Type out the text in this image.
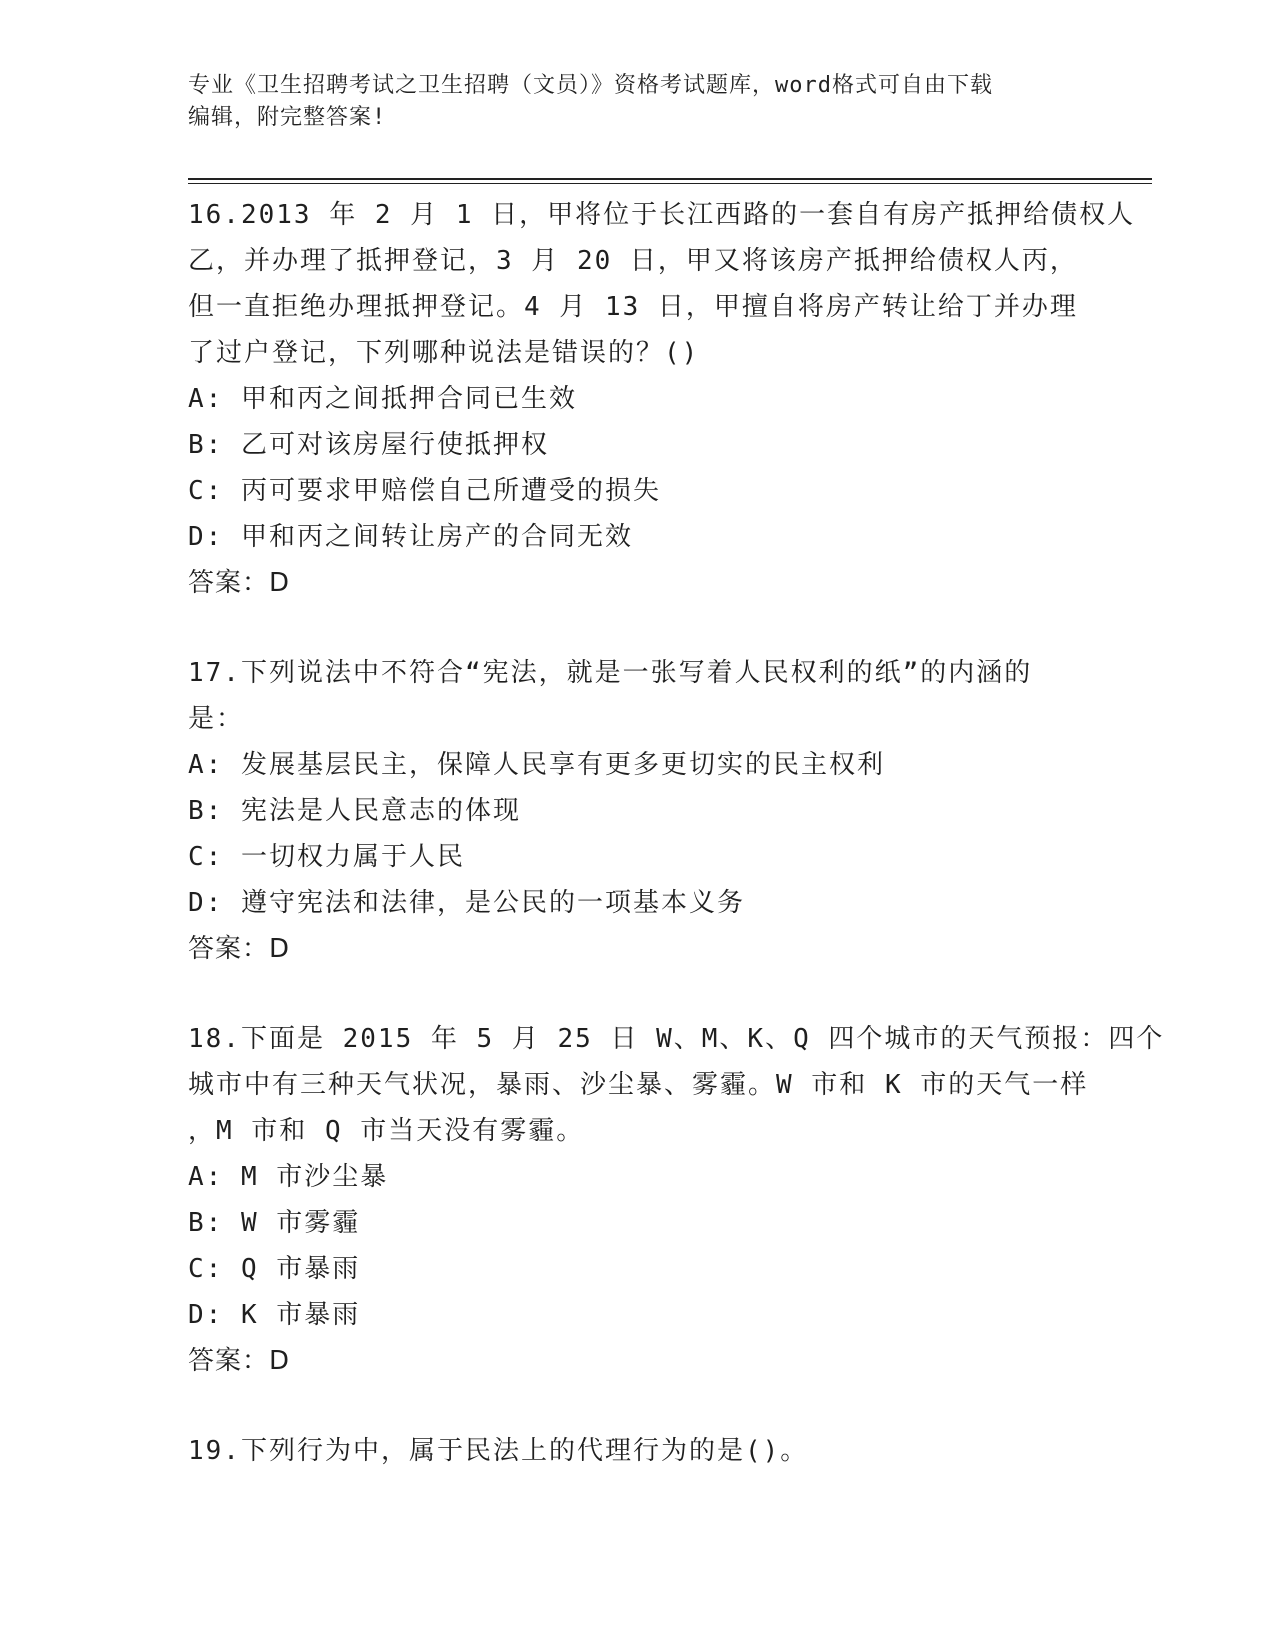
专业《卫生招聘考试之卫生招聘（文员）》资格考试题库，word格式可自由下载
编辑，附完整答案!
16.2013 年 2 月 1 日，甲将位于长江西路的一套自有房产抵押给债权人
乙，并办理了抵押登记，3 月 20 日，甲又将该房产抵押给债权人丙，
但一直拒绝办理抵押登记。4 月 13 日，甲擅自将房产转让给丁并办理
了过户登记，下列哪种说法是错误的？()
A: 甲和丙之间抵押合同已生效
B: 乙可对该房屋行使抵押权
C: 丙可要求甲赔偿自己所遭受的损失
D: 甲和丙之间转让房产的合同无效
答案：D
17.下列说法中不符合“宪法，就是一张写着人民权利的纸”的内涵的
是：
A: 发展基层民主，保障人民享有更多更切实的民主权利
B: 宪法是人民意志的体现
C: 一切权力属于人民
D: 遵守宪法和法律，是公民的一项基本义务
答案：D
18.下面是 2015 年 5 月 25 日 W、M、K、Q 四个城市的天气预报：四个
城市中有三种天气状况，暴雨、沙尘暴、雾霾。W 市和 K 市的天气一样
，M 市和 Q 市当天没有雾霾。
A: M 市沙尘暴
B: W 市雾霾
C: Q 市暴雨
D: K 市暴雨
答案：D
19.下列行为中，属于民法上的代理行为的是()。
